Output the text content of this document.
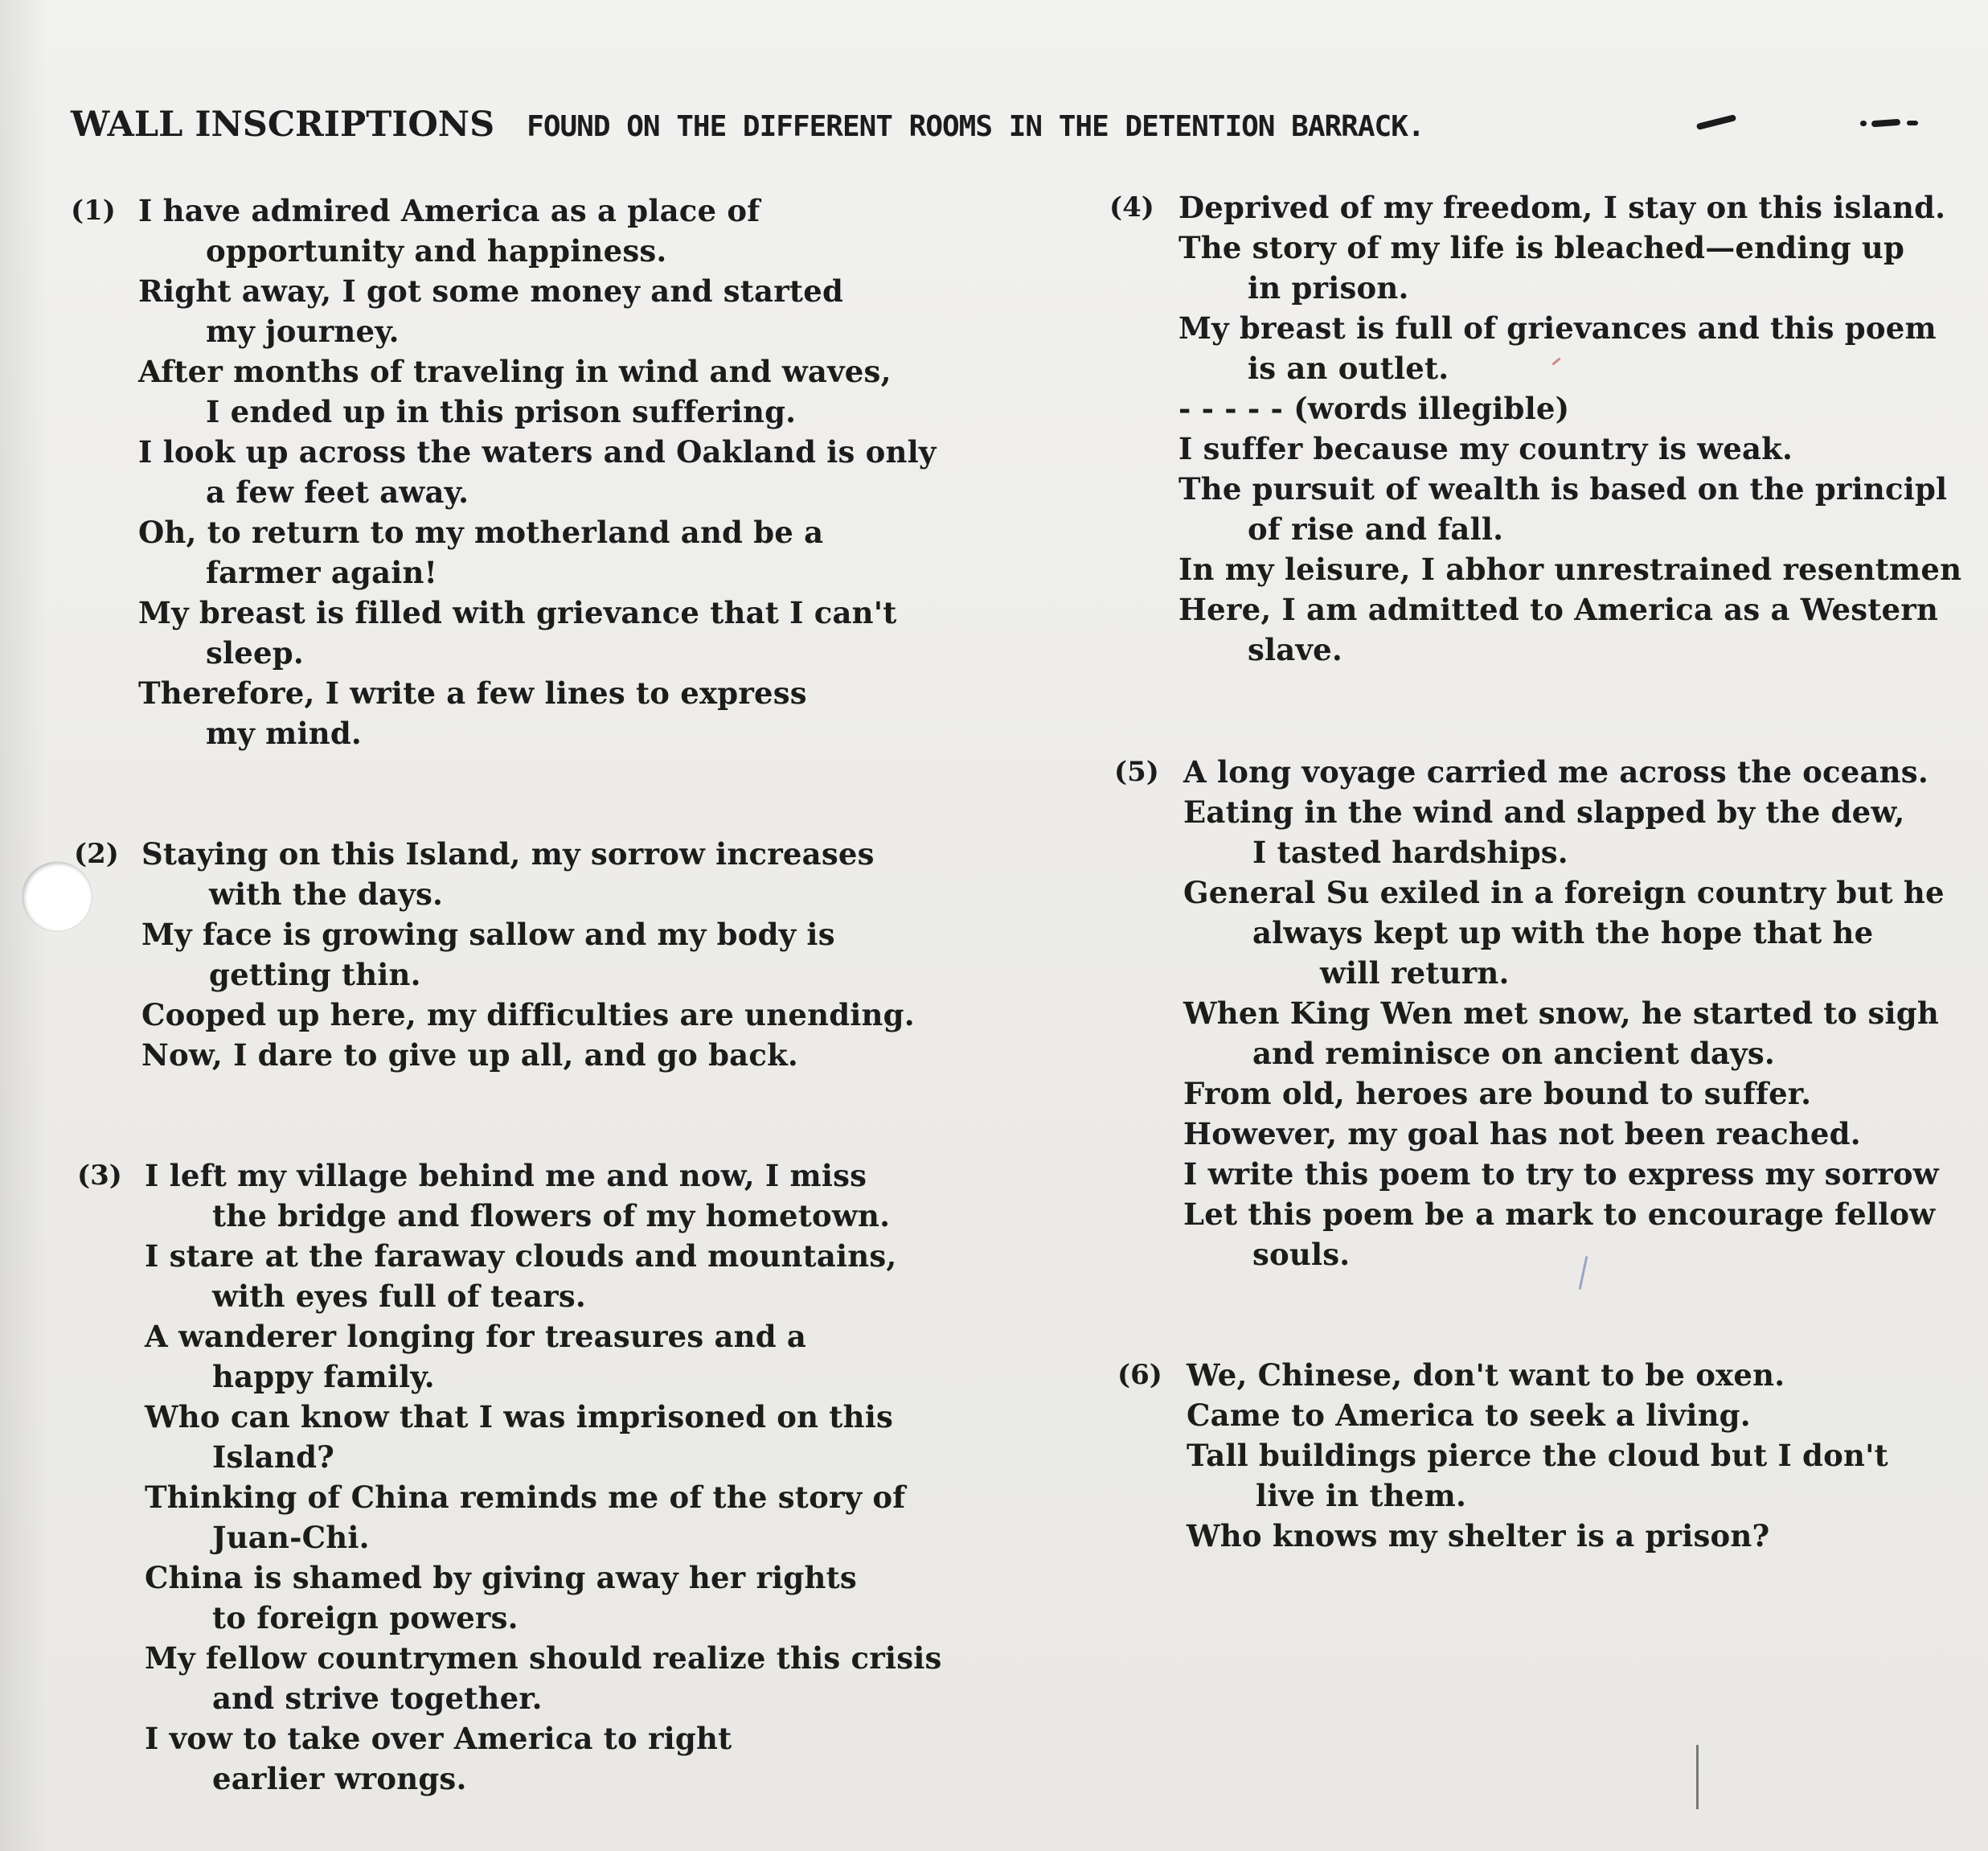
WALL INSCRIPTIONS FOUND ON THE DIFFERENT ROOMS IN THE DETENTION BARRACK.
(1) I have admired America as a place of
opportunity and happiness.
Right away, I got some money and started
my journey.
After months of traveling in wind and waves,
I ended up in this prison suffering.
I look up across the waters and Oakland is only
a few feet away.
Oh, to return to my motherland and be a
farmer again!
My breast is filled with grievance that I can't
sleep.
Therefore, I write a few lines to express
my mind.
(2) Staying on this Island, my sorrow increases
with the days.
My face is growing sallow and my body is
getting thin.
Cooped up here, my difficulties are unending.
Now, I dare to give up all, and go back.
(3) I left my village behind me and now, I miss
the bridge and flowers of my hometown.
I stare at the faraway clouds and mountains,
with eyes full of tears.
A wanderer longing for treasures and a
happy family.
Who can know that I was imprisoned on this
Island?
Thinking of China reminds me of the story of
Juan-Chi.
China is shamed by giving away her rights
to foreign powers.
My fellow countrymen should realize this crisis
and strive together.
I vow to take over America to right
earlier wrongs.
(4) Deprived of my freedom, I stay on this island.
The story of my life is bleached—ending up
in prison.
My breast is full of grievances and this poem
is an outlet.
- - - - - (words illegible)
I suffer because my country is weak.
The pursuit of wealth is based on the principl
of rise and fall.
In my leisure, I abhor unrestrained resentmen
Here, I am admitted to America as a Western
slave.
(5) A long voyage carried me across the oceans.
Eating in the wind and slapped by the dew,
I tasted hardships.
General Su exiled in a foreign country but he
always kept up with the hope that he
will return.
When King Wen met snow, he started to sigh
and reminisce on ancient days.
From old, heroes are bound to suffer.
However, my goal has not been reached.
I write this poem to try to express my sorrow
Let this poem be a mark to encourage fellow
souls.
(6) We, Chinese, don't want to be oxen.
Came to America to seek a living.
Tall buildings pierce the cloud but I don't
live in them.
Who knows my shelter is a prison?
